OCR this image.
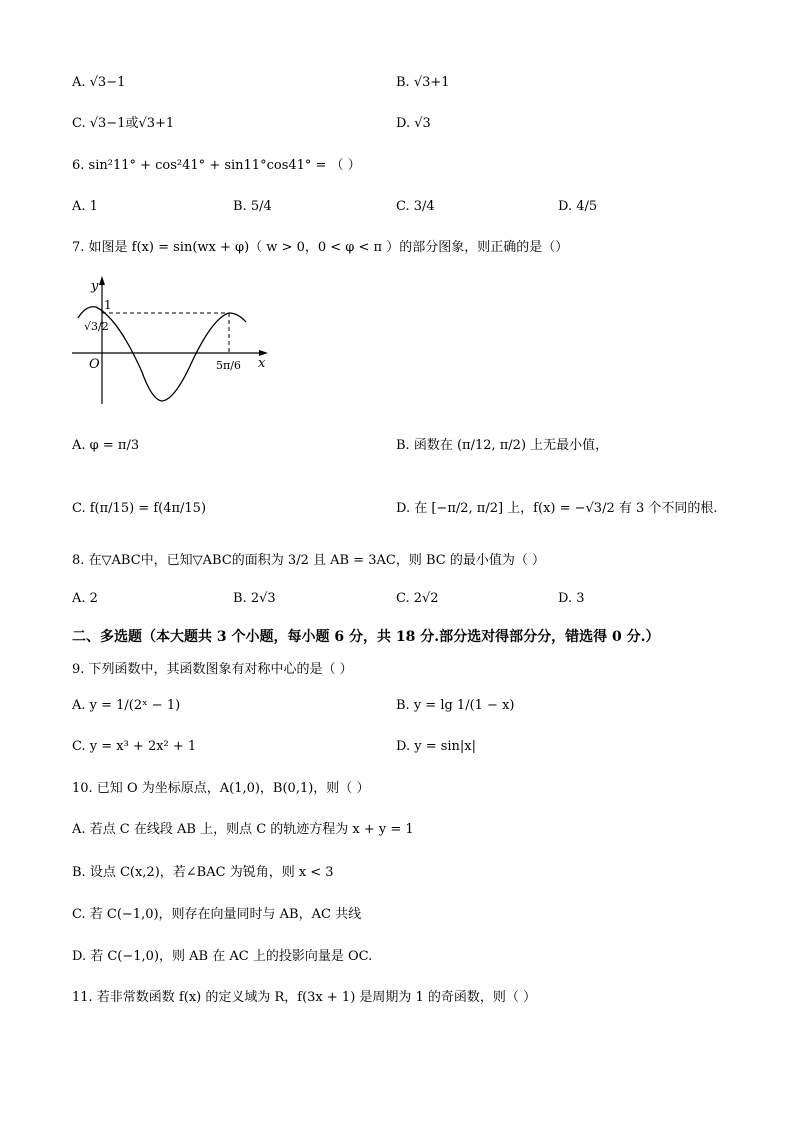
A. √3−1	B. √3+1
C. √3−1或√3+1	D. √3
6. sin²11° + cos²41° + sin11°cos41° = （ ）
A. 1	B. 5/4	C. 3/4	D. 4/5
7. 如图是 f(x) = sin(wx + φ)（ w > 0，0 < φ < π ）的部分图象，则正确的是（）
y
1
√3/2
O	5π/6 x
A. φ = π/3	B. 函数在 (π/12, π/2) 上无最小值，
C. f(π/15) = f(4π/15)	D. 在 [−π/2, π/2] 上，f(x) = −√3/2 有 3 个不同的根.
8. 在▽ABC中，已知▽ABC的面积为 3/2 且 AB = 3AC，则 BC 的最小值为（ ）
A. 2	B. 2√3	C. 2√2	D. 3
二、多选题（本大题共 3 个小题，每小题 6 分，共 18 分.部分选对得部分分，错选得 0 分.）
9. 下列函数中，其函数图象有对称中心的是（ ）
A. y = 1/(2ˣ − 1)	B. y = lg 1/(1 − x)
C. y = x³ + 2x² + 1	D. y = sin|x|
10. 已知 O 为坐标原点，A(1,0)，B(0,1)，则（ ）
A. 若点 C 在线段 AB 上，则点 C 的轨迹方程为 x + y = 1
B. 设点 C(x,2)，若∠BAC 为锐角，则 x < 3
C. 若 C(−1,0)，则存在向量同时与 AB，AC 共线
D. 若 C(−1,0)，则 AB 在 AC 上的投影向量是 OC.
11. 若非常数函数 f(x) 的定义域为 R，f(3x + 1) 是周期为 1 的奇函数，则（ ）
